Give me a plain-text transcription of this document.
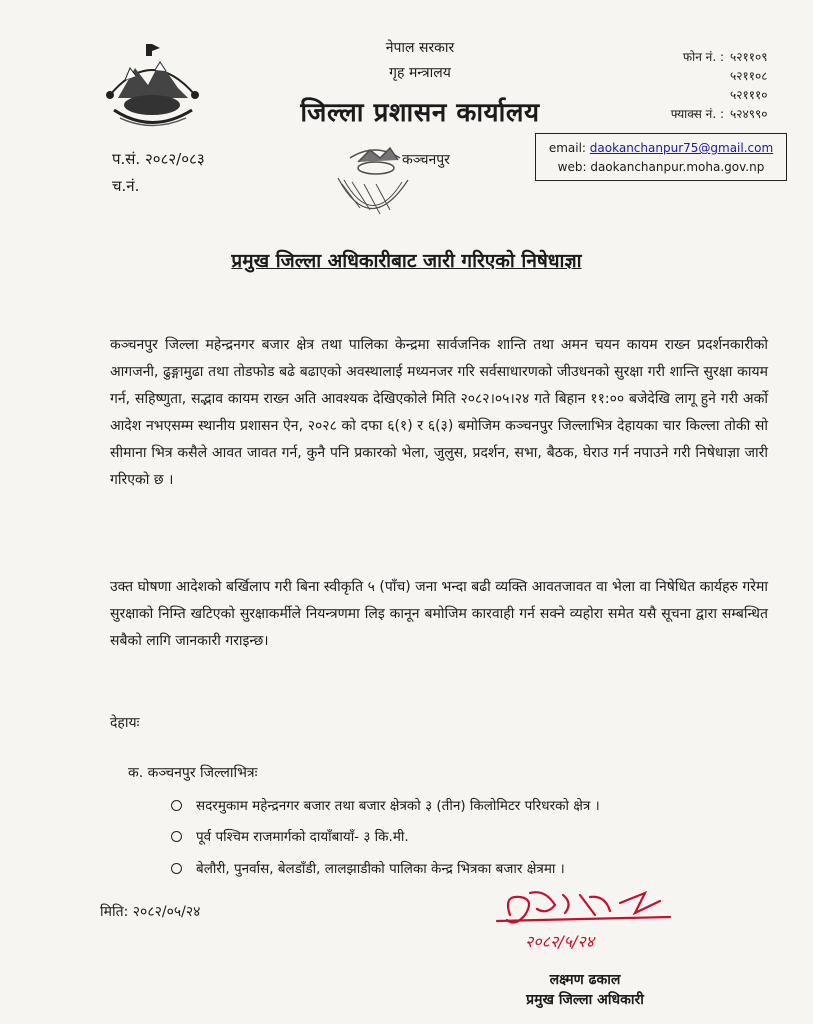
नेपाल सरकार
गृह मन्त्रालय
जिल्ला प्रशासन कार्यालय
फोन नं. : ५२११०९
५२११०८
५२१११०
फ्याक्स नं. : ५२४९९०
प.सं. २०८२/०८३
च.नं.
कञ्चनपुर
email: daokanchanpur75@gmail.com
web: daokanchanpur.moha.gov.np
प्रमुख जिल्ला अधिकारीबाट जारी गरिएको निषेधाज्ञा
कञ्चनपुर जिल्ला महेन्द्रनगर बजार क्षेत्र तथा पालिका केन्द्रमा सार्वजनिक शान्ति तथा अमन चयन कायम राख्न प्रदर्शनकारीको आगजनी, ढुङ्गामुढा तथा तोडफोड बढे बढाएको अवस्थालाई मध्यनजर गरि सर्वसाधारणको जीउधनको सुरक्षा गरी शान्ति सुरक्षा कायम गर्न, सहिष्णुता, सद्भाव कायम राख्न अति आवश्यक देखिएकोले मिति २०८२।०५।२४ गते बिहान ११:०० बजेदेखि लागू हुने गरी अर्को आदेश नभएसम्म स्थानीय प्रशासन ऐन, २०२८ को दफा ६(१) र ६(३) बमोजिम कञ्चनपुर जिल्लाभित्र देहायका चार किल्ला तोकी सो सीमाना भित्र कसैले आवत जावत गर्न, कुनै पनि प्रकारको भेला, जुलुस, प्रदर्शन, सभा, बैठक, घेराउ गर्न नपाउने गरी निषेधाज्ञा जारी गरिएको छ ।
उक्त घोषणा आदेशको बर्खिलाप गरी बिना स्वीकृति ५ (पाँच) जना भन्दा बढी व्यक्ति आवतजावत वा भेला वा निषेधित कार्यहरु गरेमा सुरक्षाको निम्ति खटिएको सुरक्षाकर्मीले नियन्त्रणमा लिइ कानून बमोजिम कारवाही गर्न सक्ने व्यहोरा समेत यसै सूचना द्वारा सम्बन्धित सबैको लागि जानकारी गराइन्छ।
देहायः
क. कञ्चनपुर जिल्लाभित्रः
सदरमुकाम महेन्द्रनगर बजार तथा बजार क्षेत्रको ३ (तीन) किलोमिटर परिधरको क्षेत्र ।
पूर्व पश्चिम राजमार्गको दायाँबायाँ- ३ कि.मी.
बेलौरी, पुनर्वास, बेलडाँडी, लालझाडीको पालिका केन्द्र भित्रका बजार क्षेत्रमा ।
मिति: २०८२/०५/२४
२०८२/५/२४
लक्ष्मण ढकाल
प्रमुख जिल्ला अधिकारी
